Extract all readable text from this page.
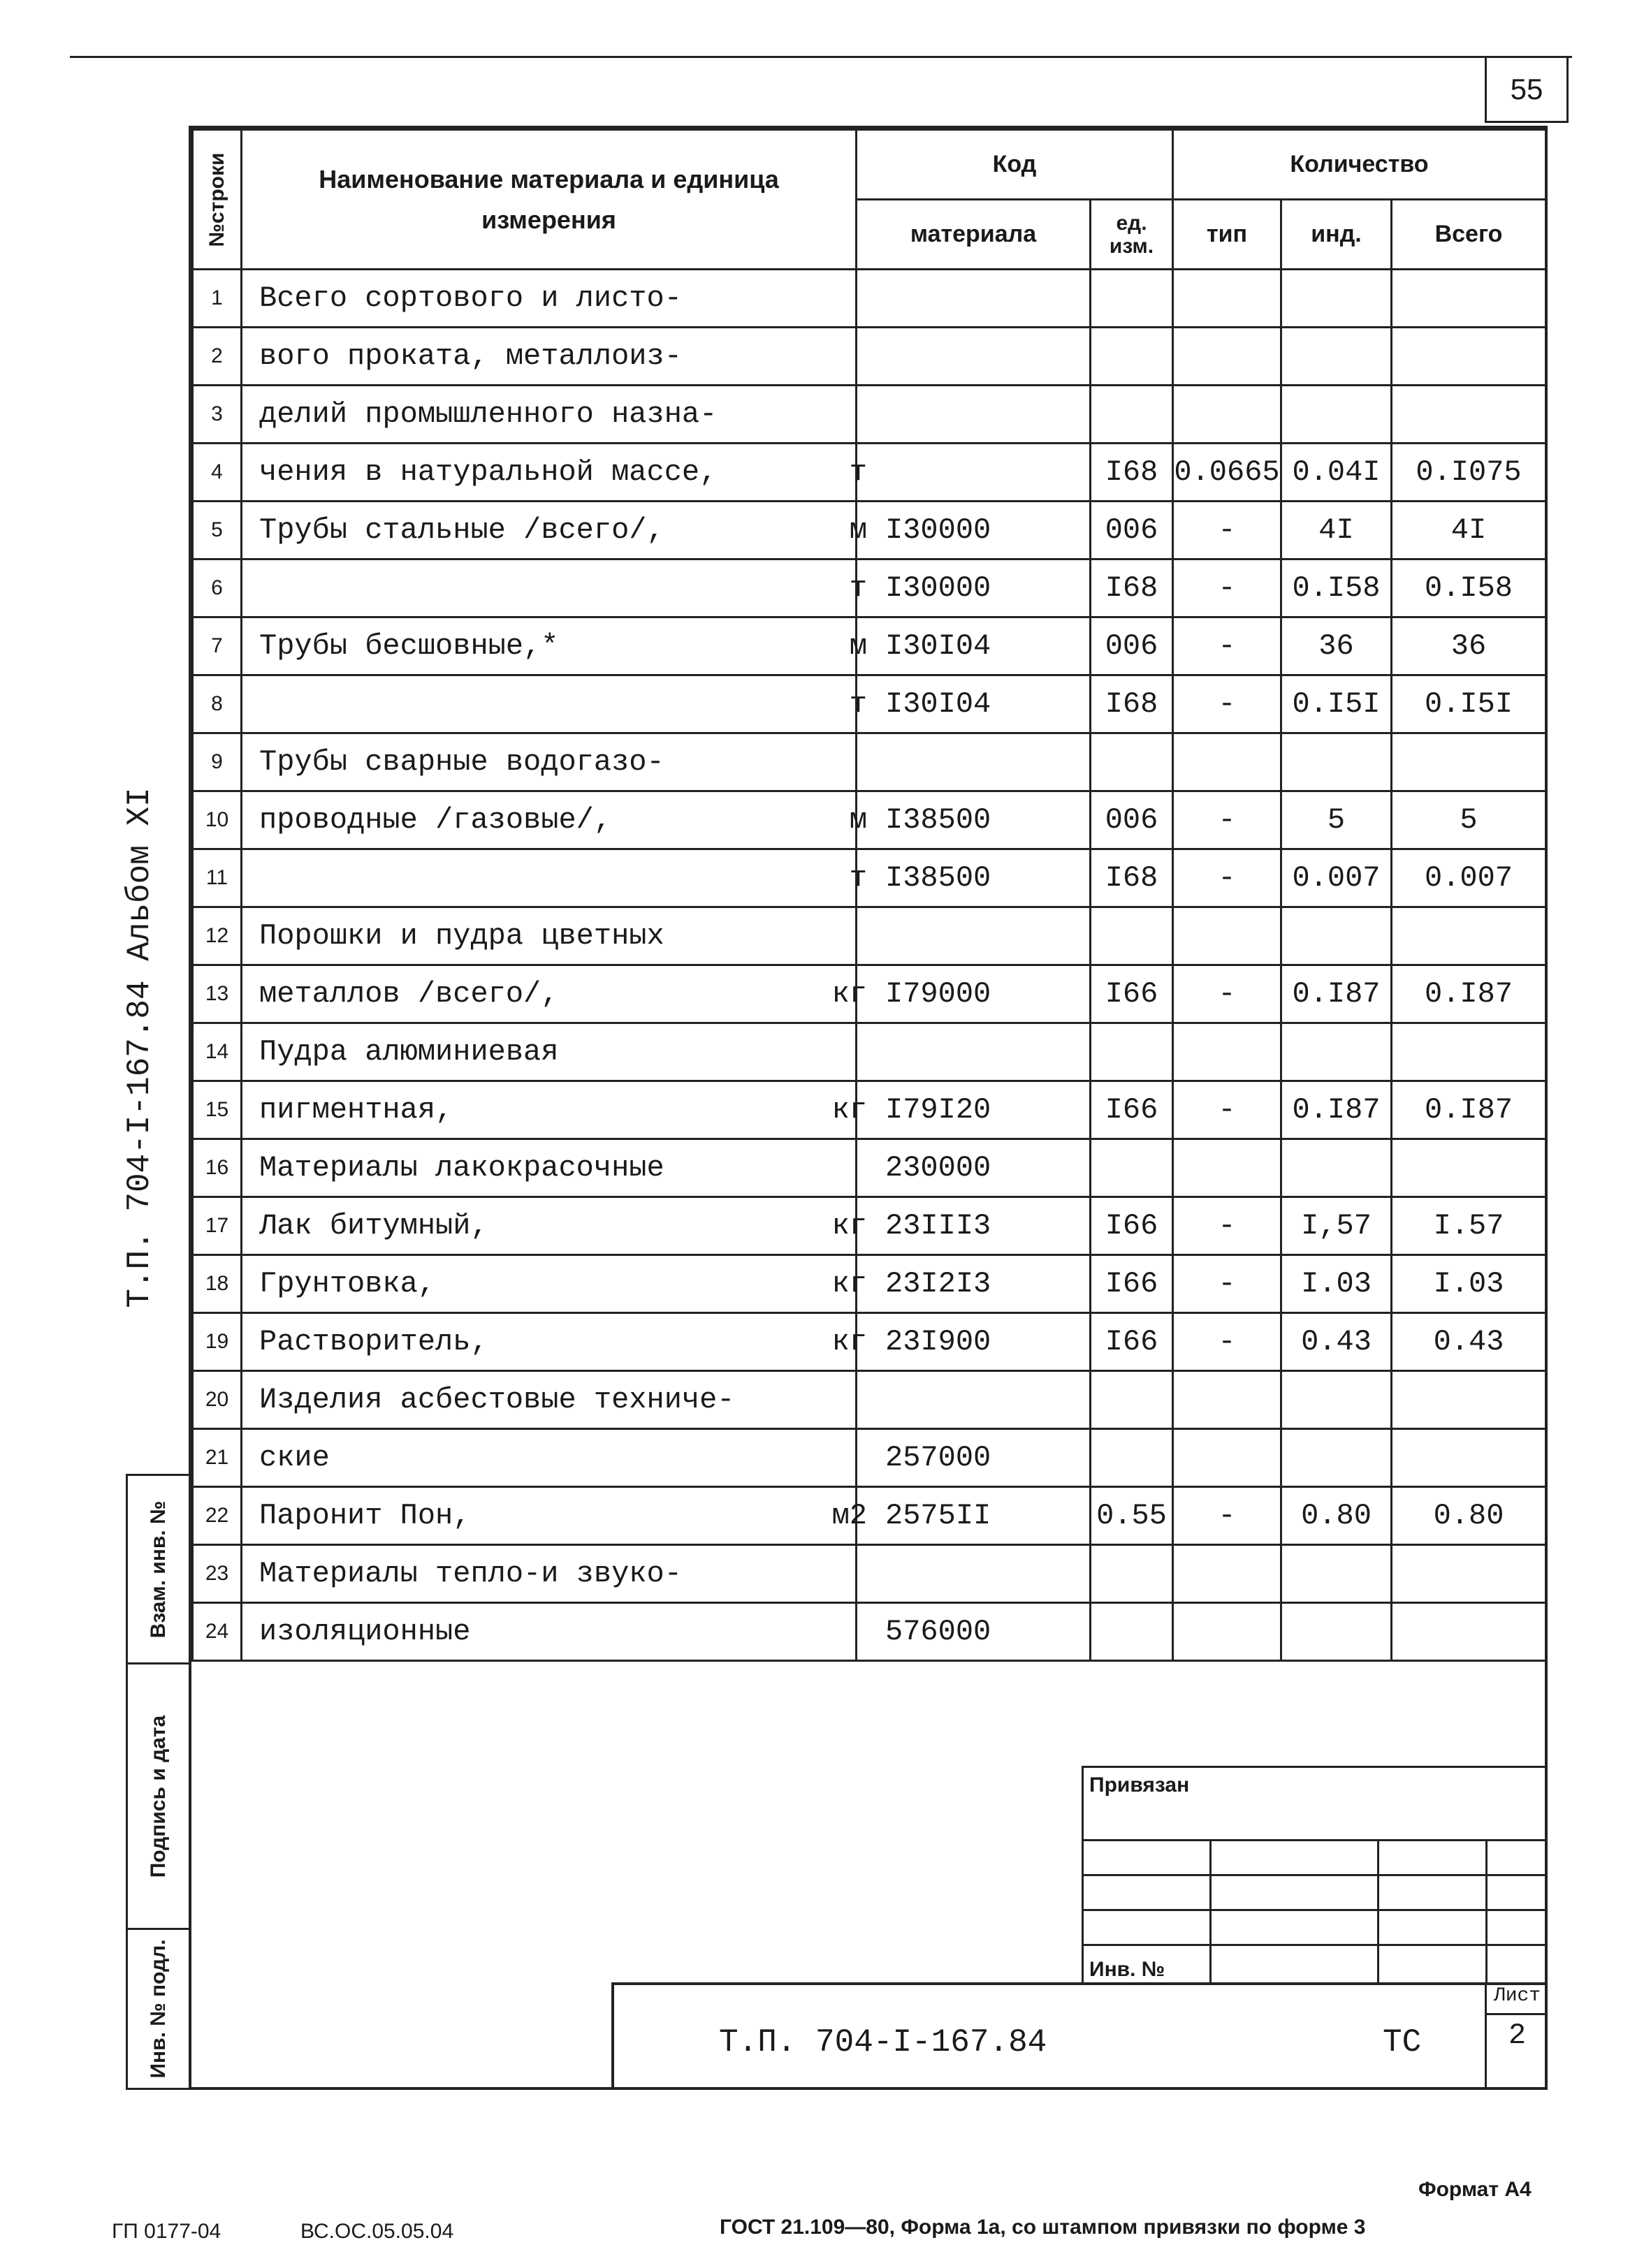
55
Т.П. 704-I-167.84 Альбом XI
Взам. инв. №
Подпись и дата
Инв. № подл.
№строки	Наименование материала и единица измерения	Код		Количество		
		материала	ед. изм.	тип	инд.	Всего
1	Всего сортового и листо-					
2	вого проката, металлоиз-					
3	делий промышленного назна-					
4	чения в натуральной массе, т		I68	0.0665	0.04I	0.I075
5	Трубы стальные /всего/, м	I30000	006	-	4I	4I
6	т	I30000	I68	-	0.I58	0.I58
7	Трубы бесшовные,* м	I30I04	006	-	36	36
8	т	I30I04	I68	-	0.I5I	0.I5I
9	Трубы сварные водогазо-					
10	проводные /газовые/, м	I38500	006	-	5	5
11	т	I38500	I68	-	0.007	0.007
12	Порошки и пудра цветных					
13	металлов /всего/, кг	I79000	I66	-	0.I87	0.I87
14	Пудра алюминиевая					
15	пигментная, кг	I79I20	I66	-	0.I87	0.I87
16	Материалы лакокрасочные	230000				
17	Лак битумный, кг	23III3	I66	-	I,57	I.57
18	Грунтовка, кг	23I2I3	I66	-	I.03	I.03
19	Растворитель, кг	23I900	I66	-	0.43	0.43
20	Изделия асбестовые техниче-					
21	ские	257000				
22	Паронит Пон, м2	2575II	0.55	-	0.80	0.80
23	Материалы тепло-и звуко-					
24	изоляционные	576000				
Привязан
Инв. №
Т.П. 704-I-167.84	ТС
Лист
2
Формат А4
ГП 0177-04	ВС.ОС.05.05.04	ГОСТ 21.109—80, Форма 1а, со штампом привязки по форме 3
